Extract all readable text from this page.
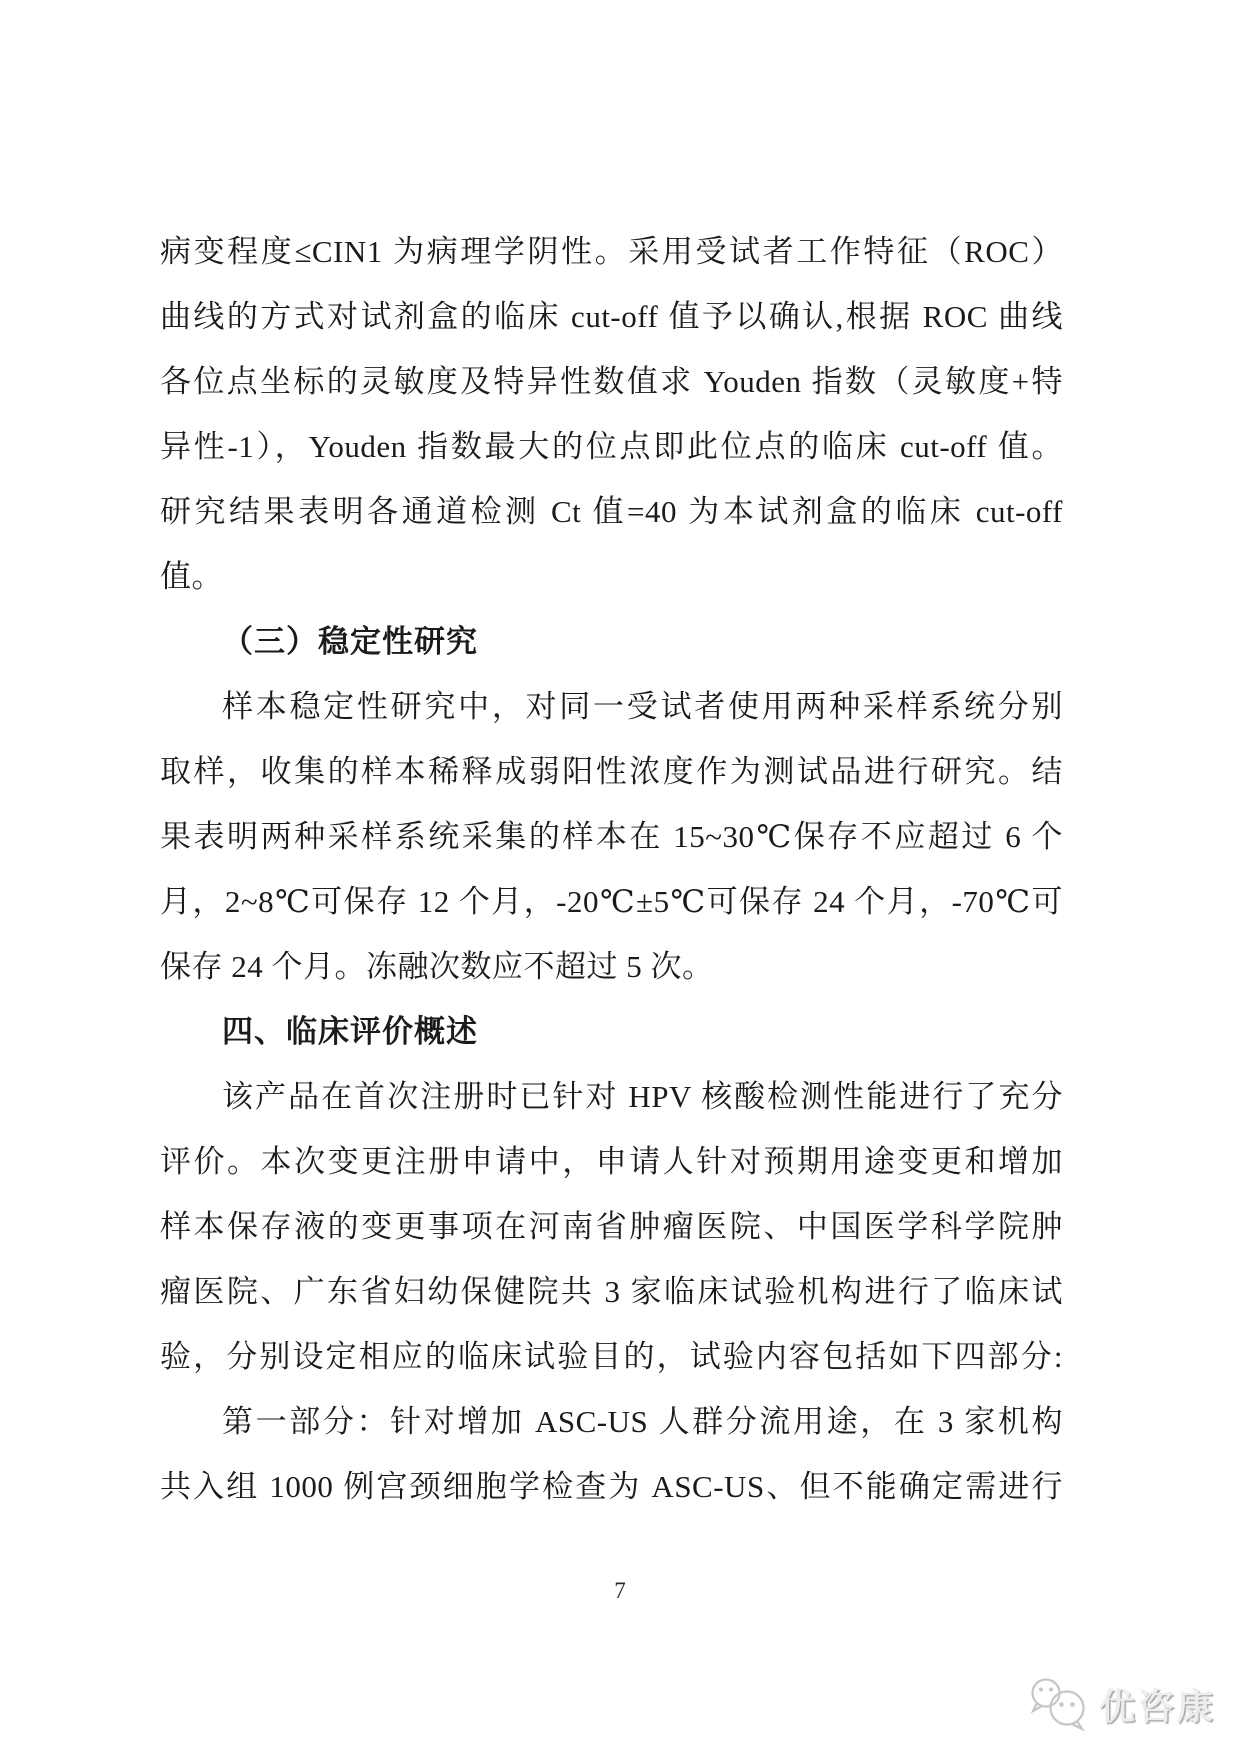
病变程度≤CIN1 为病理学阴性。采用受试者工作特征（ROC）
曲线的方式对试剂盒的临床 cut-off 值予以确认,根据 ROC 曲线
各位点坐标的灵敏度及特异性数值求 Youden 指数（灵敏度+特
异性-1），Youden 指数最大的位点即此位点的临床 cut-off 值。
研究结果表明各通道检测 Ct 值=40 为本试剂盒的临床 cut-off
值。
（三）稳定性研究
样本稳定性研究中，对同一受试者使用两种采样系统分别
取样，收集的样本稀释成弱阳性浓度作为测试品进行研究。结
果表明两种采样系统采集的样本在 15~30℃保存不应超过 6 个
月，2~8℃可保存 12 个月，-20℃±5℃可保存 24 个月，-70℃可
保存 24 个月。冻融次数应不超过 5 次。
四、临床评价概述
该产品在首次注册时已针对 HPV 核酸检测性能进行了充分
评价。本次变更注册申请中，申请人针对预期用途变更和增加
样本保存液的变更事项在河南省肿瘤医院、中国医学科学院肿
瘤医院、广东省妇幼保健院共 3 家临床试验机构进行了临床试
验，分别设定相应的临床试验目的，试验内容包括如下四部分:
第一部分：针对增加 ASC-US 人群分流用途，在 3 家机构
共入组 1000 例宫颈细胞学检查为 ASC-US、但不能确定需进行
7
优咨康
